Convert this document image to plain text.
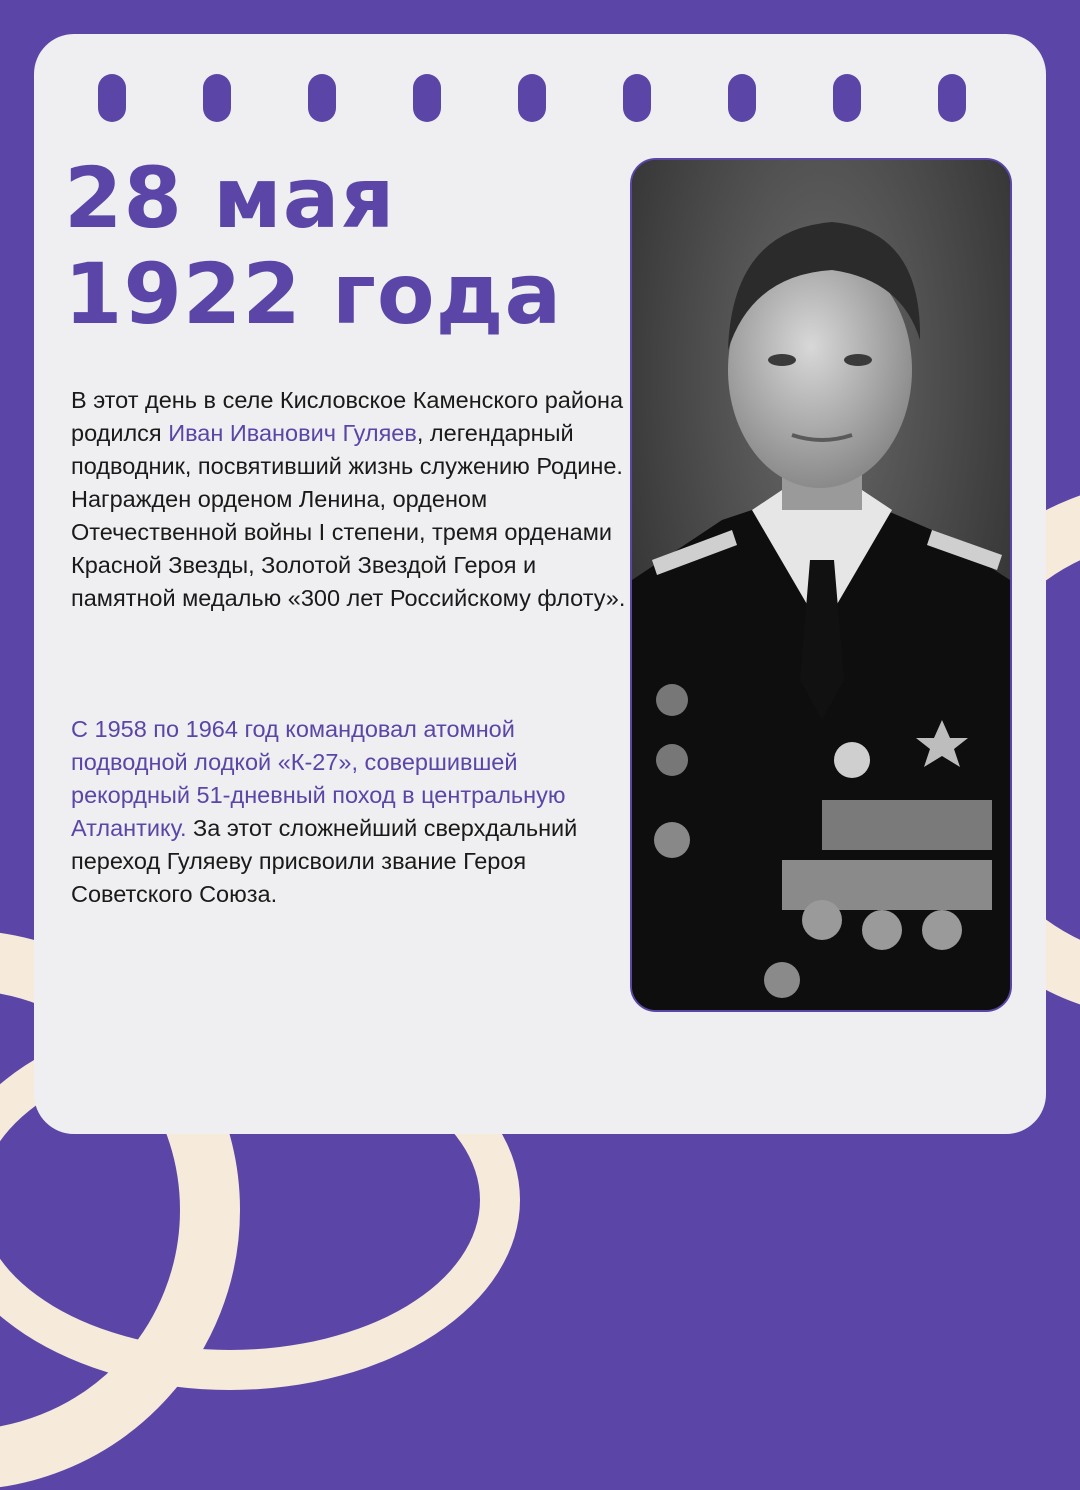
28 мая
1922 года

В этот день в селе Кисловское Каменского района родился Иван Иванович Гуляев, легендарный подводник, посвятивший жизнь служению Родине. Награжден орденом Ленина, орденом Отечественной войны I степени, тремя орденами Красной Звезды, Золотой Звездой Героя и памятной медалью «300 лет Российскому флоту».

С 1958 по 1964 год командовал атомной подводной лодкой «К-27», совершившей рекордный 51-дневный поход в центральную Атлантику. За этот сложнейший сверхдальний переход Гуляеву присвоили звание Героя Советского Союза.
